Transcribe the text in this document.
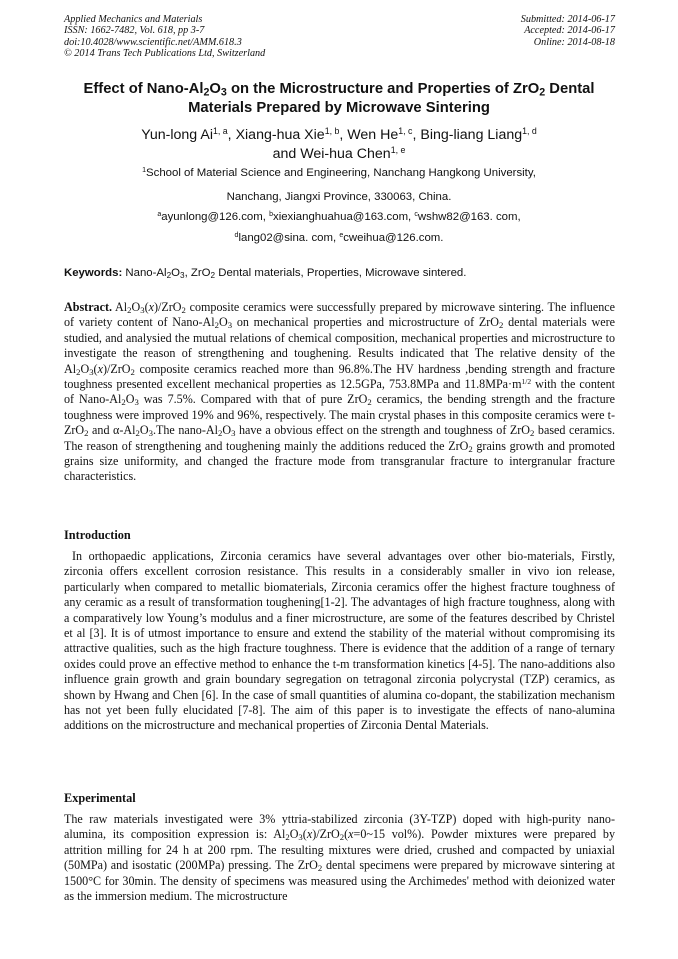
Applied Mechanics and Materials
ISSN: 1662-7482, Vol. 618, pp 3-7
doi:10.4028/www.scientific.net/AMM.618.3
© 2014 Trans Tech Publications Ltd, Switzerland
Submitted: 2014-06-17
Accepted: 2014-06-17
Online: 2014-08-18
Effect of Nano-$Al_2O_3$ on the Microstructure and Properties of ZrO$_2$ Dental Materials Prepared by Microwave Sintering
Yun-long Ai$^{1, a}$, Xiang-hua Xie$^{1, b}$, Wen He$^{1, c}$, Bing-liang Liang$^{1, d}$
and Wei-hua Chen$^{1, e}$
$^1$School of Material Science and Engineering, Nanchang Hangkong University,
Nanchang, Jiangxi Province, 330063, China.
$^a$ayunlong@126.com, $^b$xiexianghuahua@163.com, $^c$wshw82@163. com,
$^d$lang02@sina. com, $^e$cweihua@126.com.
Keywords: Nano-$Al_2O_3$, ZrO$_2$ Dental materials, Properties, Microwave sintered.
Abstract. $Al_2O_3(x)/ZrO_2$ composite ceramics were successfully prepared by microwave sintering. The influence of variety content of Nano-$Al_2O_3$ on mechanical properties and microstructure of ZrO$_2$ dental materials were studied, and analysied the mutual relations of chemical composition, mechanical properties and microstructure to investigate the reason of strengthening and toughening. Results indicated that The relative density of the $Al_2O_3(x)/ZrO_2$ composite ceramics reached more than 96.8%.The HV hardness ,bending strength and fracture toughness presented excellent mechanical properties as 12.5GPa, 753.8MPa and $11.8MPa\cdot m^{1/2}$ with the content of Nano-$Al_2O_3$ was 7.5%. Compared with that of pure ZrO$_2$ ceramics, the bending strength and the fracture toughness were improved 19% and 96%, respectively. The main crystal phases in this composite ceramics were t-ZrO$_2$ and $\alpha-Al_2O_3.The$ nano-$Al_2O_3$ have a obvious effect on the strength and toughness of ZrO$_2$ based ceramics. The reason of strengthening and toughening mainly the additions reduced the ZrO$_2$ grains growth and promoted grains size uniformity, and changed the fracture mode from transgranular fracture to intergranular fracture characteristics.
Introduction
In orthopaedic applications, Zirconia ceramics have several advantages over other bio-materials, Firstly, zirconia offers excellent corrosion resistance. This results in a considerably smaller in vivo ion release, particularly when compared to metallic biomaterials, Zirconia ceramics offer the highest fracture toughness of any ceramic as a result of transformation toughening[1-2]. The advantages of high fracture toughness, along with a comparatively low Young’s modulus and a finer microstructure, are some of the features described by Christel et al [3]. It is of utmost importance to ensure and extend the stability of the material without compromising its attractive qualities, such as the high fracture toughness. There is evidence that the addition of a range of ternary oxides could prove an effective method to enhance the t-m transformation kinetics [4-5]. The nano-additions also influence grain growth and grain boundary segregation on tetragonal zirconia polycrystal (TZP) ceramics, as shown by Hwang and Chen [6]. In the case of small quantities of alumina co-dopant, the stabilization mechanism has not yet been fully elucidated [7-8]. The aim of this paper is to investigate the effects of nano-alumina additions on the microstructure and mechanical properties of Zirconia Dental Materials.
Experimental
The raw materials investigated were 3% yttria-stabilized zirconia (3Y-TZP) doped with high-purity nano-alumina, its composition expression is: $Al_2O_3(x)/ZrO_2(x=0\sim 15$ vol%). Powder mixtures were prepared by attrition milling for 24 h at 200 rpm. The resulting mixtures were dried, crushed and compacted by uniaxial (50MPa) and isostatic (200MPa) pressing. The ZrO$_2$ dental specimens were prepared by microwave sintering at 1500°C for 30min. The density of specimens was measured using the Archimedes' method with deionized water as the immersion medium. The microstructure
